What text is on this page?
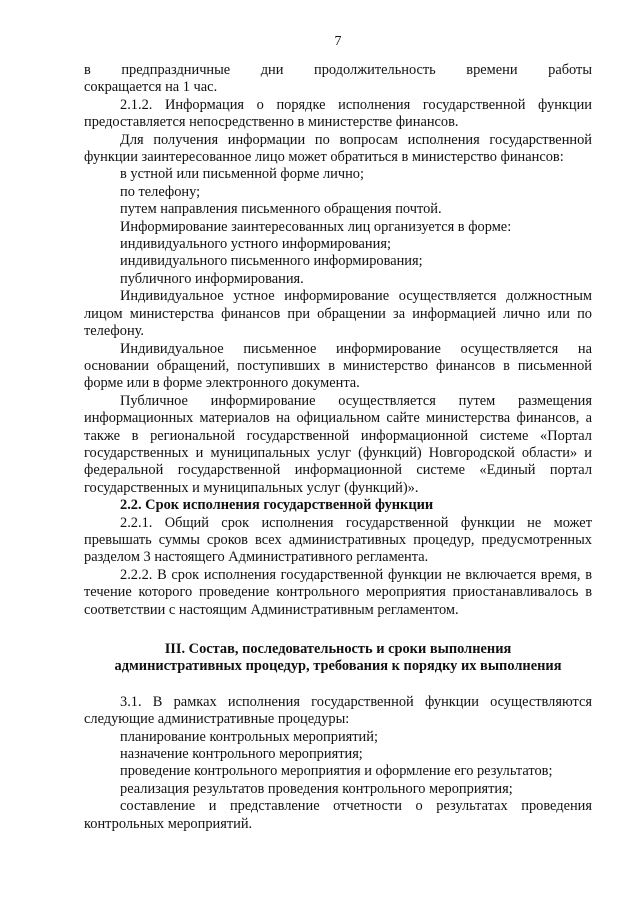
7

в предпраздничные дни продолжительность времени работы

сокращается на 1 час.

2.1.2. Информация о порядке исполнения государственной функции предоставляется непосредственно в министерстве финансов.

Для получения информации по вопросам исполнения государственной функции заинтересованное лицо может обратиться в министерство финансов:

в устной или письменной форме лично;

по телефону;

путем направления письменного обращения почтой.

Информирование заинтересованных лиц организуется в форме:

индивидуального устного информирования;

индивидуального письменного информирования;

публичного информирования.

Индивидуальное устное информирование осуществляется должностным лицом министерства финансов при обращении за информацией лично или по телефону.

Индивидуальное письменное информирование осуществляется на основании обращений, поступивших в министерство финансов в письменной форме или в форме электронного документа.

Публичное информирование осуществляется путем размещения информационных материалов на официальном сайте министерства финансов, а также в региональной государственной информационной системе «Портал государственных и муниципальных услуг (функций) Новгородской области» и федеральной государственной информационной системе «Единый портал государственных и муниципальных услуг (функций)».

2.2. Срок исполнения государственной функции

2.2.1. Общий срок исполнения государственной функции не может превышать суммы сроков всех административных процедур, предусмотренных разделом 3 настоящего Административного регламента.

2.2.2. В срок исполнения государственной функции не включается время, в течение которого проведение контрольного мероприятия приостанавливалось в соответствии с настоящим Административным регламентом.

III. Состав, последовательность и сроки выполнения

административных процедур, требования к порядку их выполнения

3.1. В рамках исполнения государственной функции осуществляются следующие административные процедуры:

планирование контрольных мероприятий;

назначение контрольного мероприятия;

проведение контрольного мероприятия и оформление его результатов;

реализация результатов проведения контрольного мероприятия;

составление и представление отчетности о результатах проведения контрольных мероприятий.
